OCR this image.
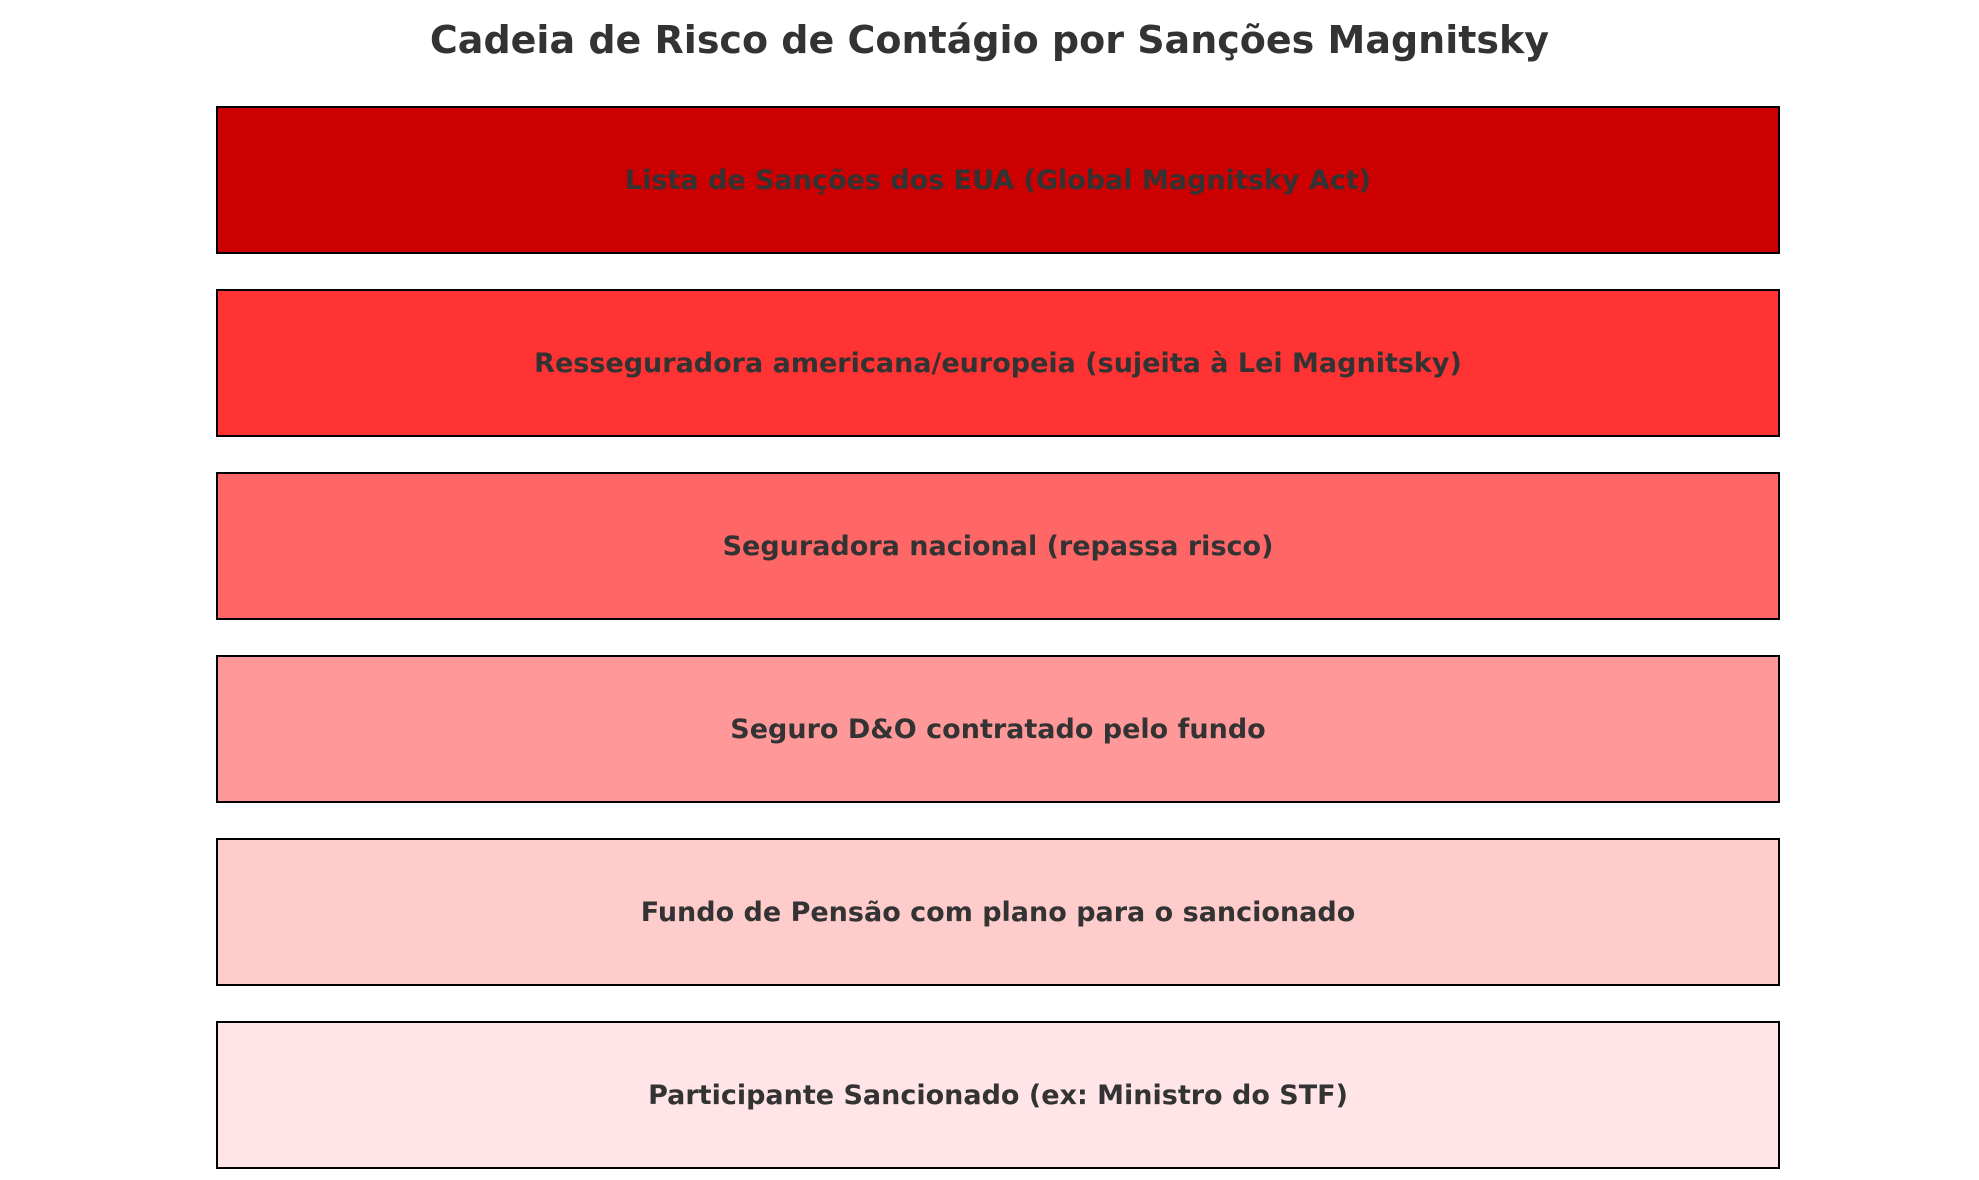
Cadeia de Risco de Contágio por Sanções Magnitsky
Lista de Sanções dos EUA (Global Magnitsky Act)
Resseguradora americana/europeia (sujeita à Lei Magnitsky)
Seguradora nacional (repassa risco)
Seguro D&O contratado pelo fundo
Fundo de Pensão com plano para o sancionado
Participante Sancionado (ex: Ministro do STF)
